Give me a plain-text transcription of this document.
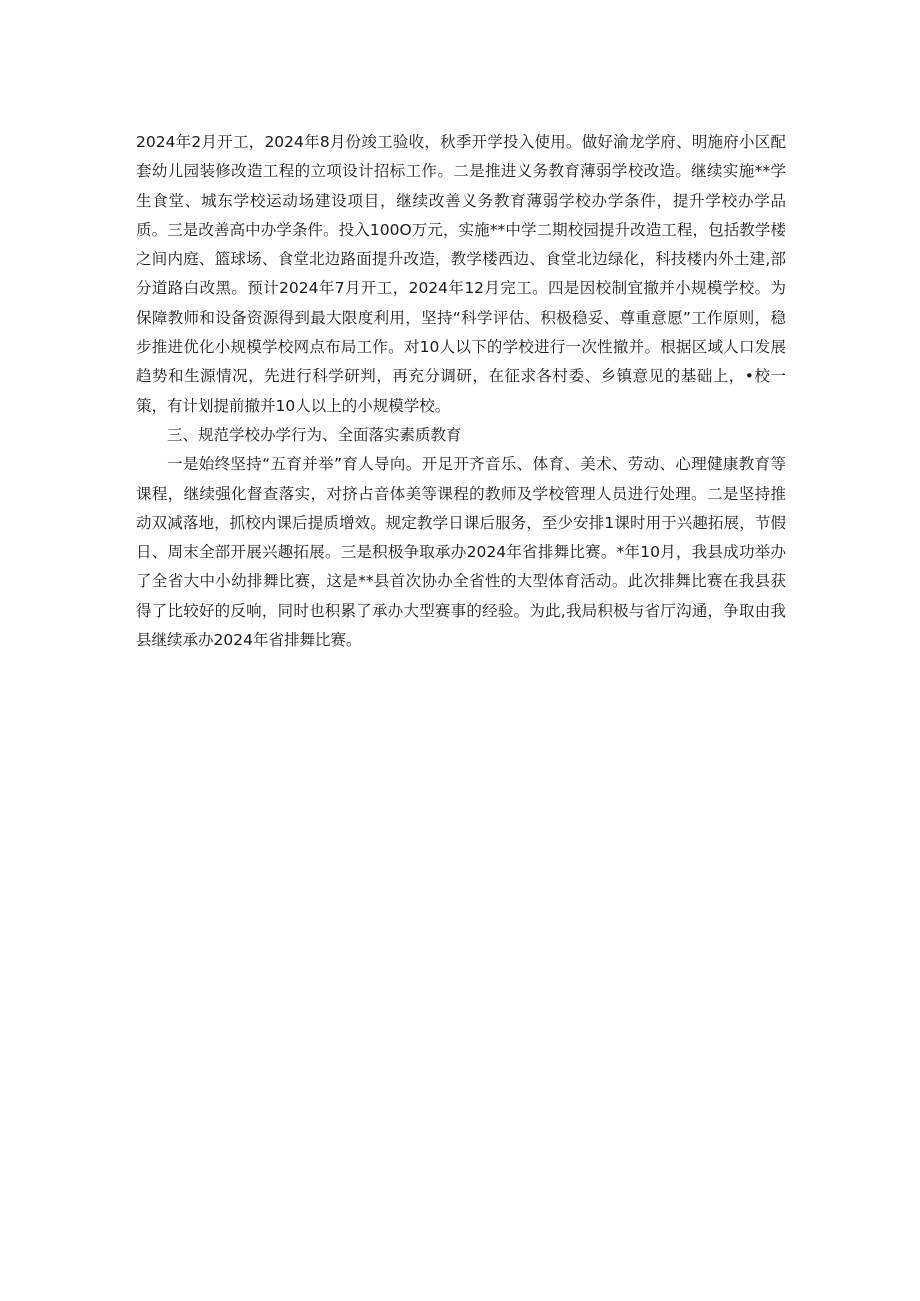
2024年2月开工，2024年8月份竣工验收，秋季开学投入使用。做好渝龙学府、明施府小区配套幼儿园装修改造工程的立项设计招标工作。二是推进义务教育薄弱学校改造。继续实施**学生食堂、城东学校运动场建设项目，继续改善义务教育薄弱学校办学条件，提升学校办学品质。三是改善高中办学条件。投入100O万元，实施**中学二期校园提升改造工程，包括教学楼之间内庭、篮球场、食堂北边路面提升改造，教学楼西边、食堂北边绿化，科技楼内外土建,部分道路白改黑。预计2024年7月开工，2024年12月完工。四是因校制宜撤并小规模学校。为保障教师和设备资源得到最大限度利用，坚持“科学评估、积极稳妥、尊重意愿”工作原则，稳步推进优化小规模学校网点布局工作。对10人以下的学校进行一次性撤并。根据区域人口发展趋势和生源情况，先进行科学研判，再充分调研，在征求各村委、乡镇意见的基础上，•校一策，有计划提前撤并10人以上的小规模学校。

三、规范学校办学行为、全面落实素质教育

一是始终坚持“五育并举”育人导向。开足开齐音乐、体育、美术、劳动、心理健康教育等课程，继续强化督查落实，对挤占音体美等课程的教师及学校管理人员进行处理。二是坚持推动双减落地，抓校内课后提质增效。规定教学日课后服务，至少安排1课时用于兴趣拓展，节假日、周末全部开展兴趣拓展。三是积极争取承办2024年省排舞比赛。*年10月，我县成功举办了全省大中小幼排舞比赛，这是**县首次协办全省性的大型体育活动。此次排舞比赛在我县获得了比较好的反响，同时也积累了承办大型赛事的经验。为此,我局积极与省厅沟通，争取由我县继续承办2024年省排舞比赛。
